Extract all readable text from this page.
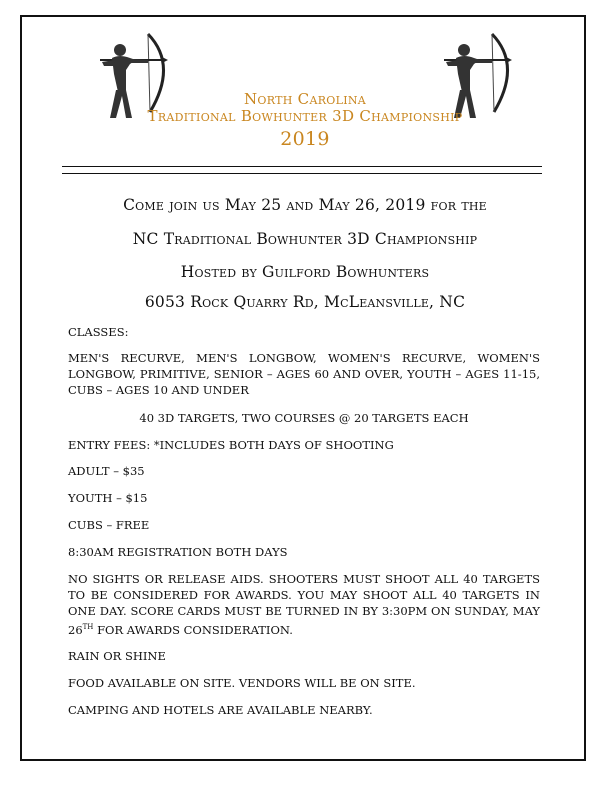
North Carolina
Traditional Bowhunter 3D Championship
2019
Come join us May 25 and May 26, 2019 for the
NC Traditional Bowhunter 3D Championship
Hosted by Guilford Bowhunters
6053 Rock Quarry Rd, McLeansville, NC
CLASSES:
MEN'S RECURVE, MEN'S LONGBOW, WOMEN'S RECURVE, WOMEN'S LONGBOW, PRIMITIVE, SENIOR – AGES 60 AND OVER, YOUTH – AGES 11-15, CUBS – AGES 10 AND UNDER
40 3D TARGETS, TWO COURSES @ 20 TARGETS EACH
ENTRY FEES: *INCLUDES BOTH DAYS OF SHOOTING
ADULT – $35
YOUTH – $15
CUBS – FREE
8:30AM REGISTRATION BOTH DAYS
NO SIGHTS OR RELEASE AIDS. SHOOTERS MUST SHOOT ALL 40 TARGETS TO BE CONSIDERED FOR AWARDS. YOU MAY SHOOT ALL 40 TARGETS IN ONE DAY. SCORE CARDS MUST BE TURNED IN BY 3:30PM ON SUNDAY, MAY 26TH FOR AWARDS CONSIDERATION.
RAIN OR SHINE
FOOD AVAILABLE ON SITE. VENDORS WILL BE ON SITE.
CAMPING AND HOTELS ARE AVAILABLE NEARBY.
